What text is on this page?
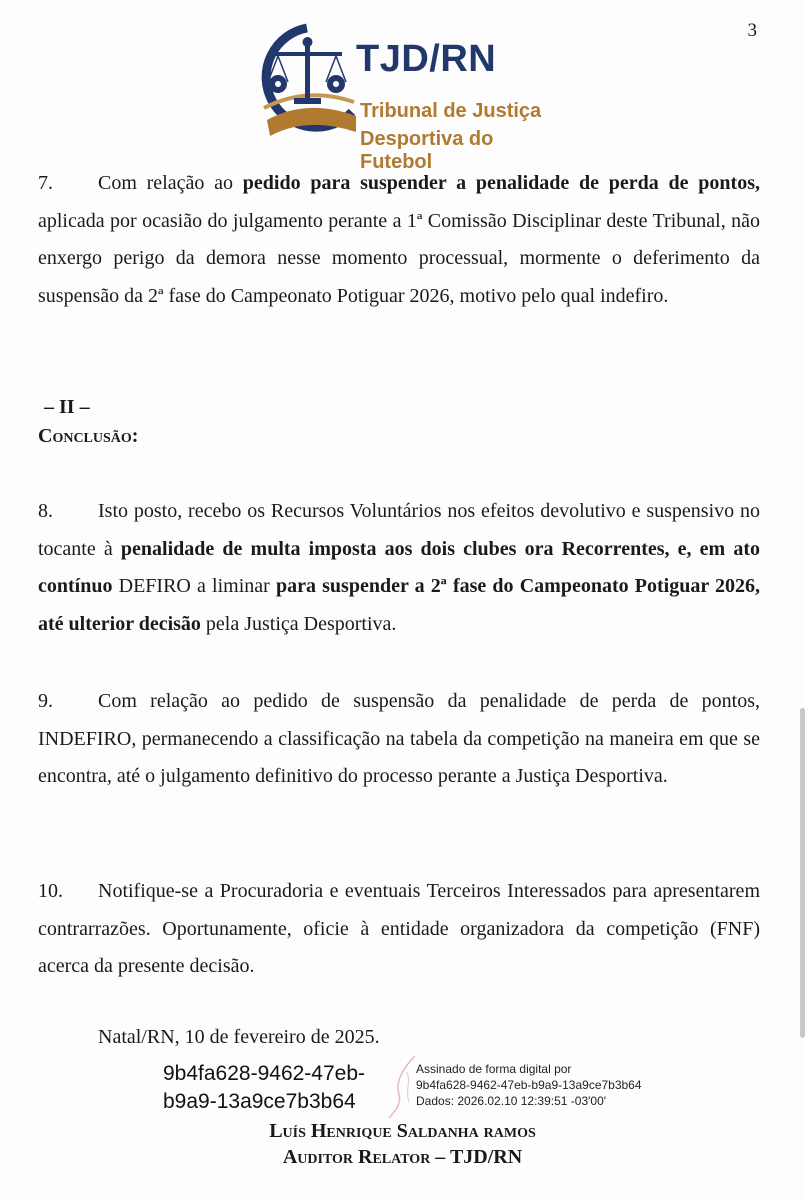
3
TJD/RN
Tribunal de Justiça
Desportiva do Futebol
7. Com relação ao pedido para suspender a penalidade de perda de pontos, aplicada por ocasião do julgamento perante a 1ª Comissão Disciplinar deste Tribunal, não enxergo perigo da demora nesse momento processual, mormente o deferimento da suspensão da 2ª fase do Campeonato Potiguar 2026, motivo pelo qual indefiro.
– II –
Conclusão:
8. Isto posto, recebo os Recursos Voluntários nos efeitos devolutivo e suspensivo no tocante à penalidade de multa imposta aos dois clubes ora Recorrentes, e, em ato contínuo DEFIRO a liminar para suspender a 2ª fase do Campeonato Potiguar 2026, até ulterior decisão pela Justiça Desportiva.
9. Com relação ao pedido de suspensão da penalidade de perda de pontos, INDEFIRO, permanecendo a classificação na tabela da competição na maneira em que se encontra, até o julgamento definitivo do processo perante a Justiça Desportiva.
10. Notifique-se a Procuradoria e eventuais Terceiros Interessados para apresentarem contrarrazões. Oportunamente, oficie à entidade organizadora da competição (FNF) acerca da presente decisão.
Natal/RN, 10 de fevereiro de 2025.
9b4fa628-9462-47eb-
b9a9-13a9ce7b3b64
Assinado de forma digital por
9b4fa628-9462-47eb-b9a9-13a9ce7b3b64
Dados: 2026.02.10 12:39:51 -03'00'
Luís Henrique Saldanha ramos
Auditor Relator – TJD/RN
